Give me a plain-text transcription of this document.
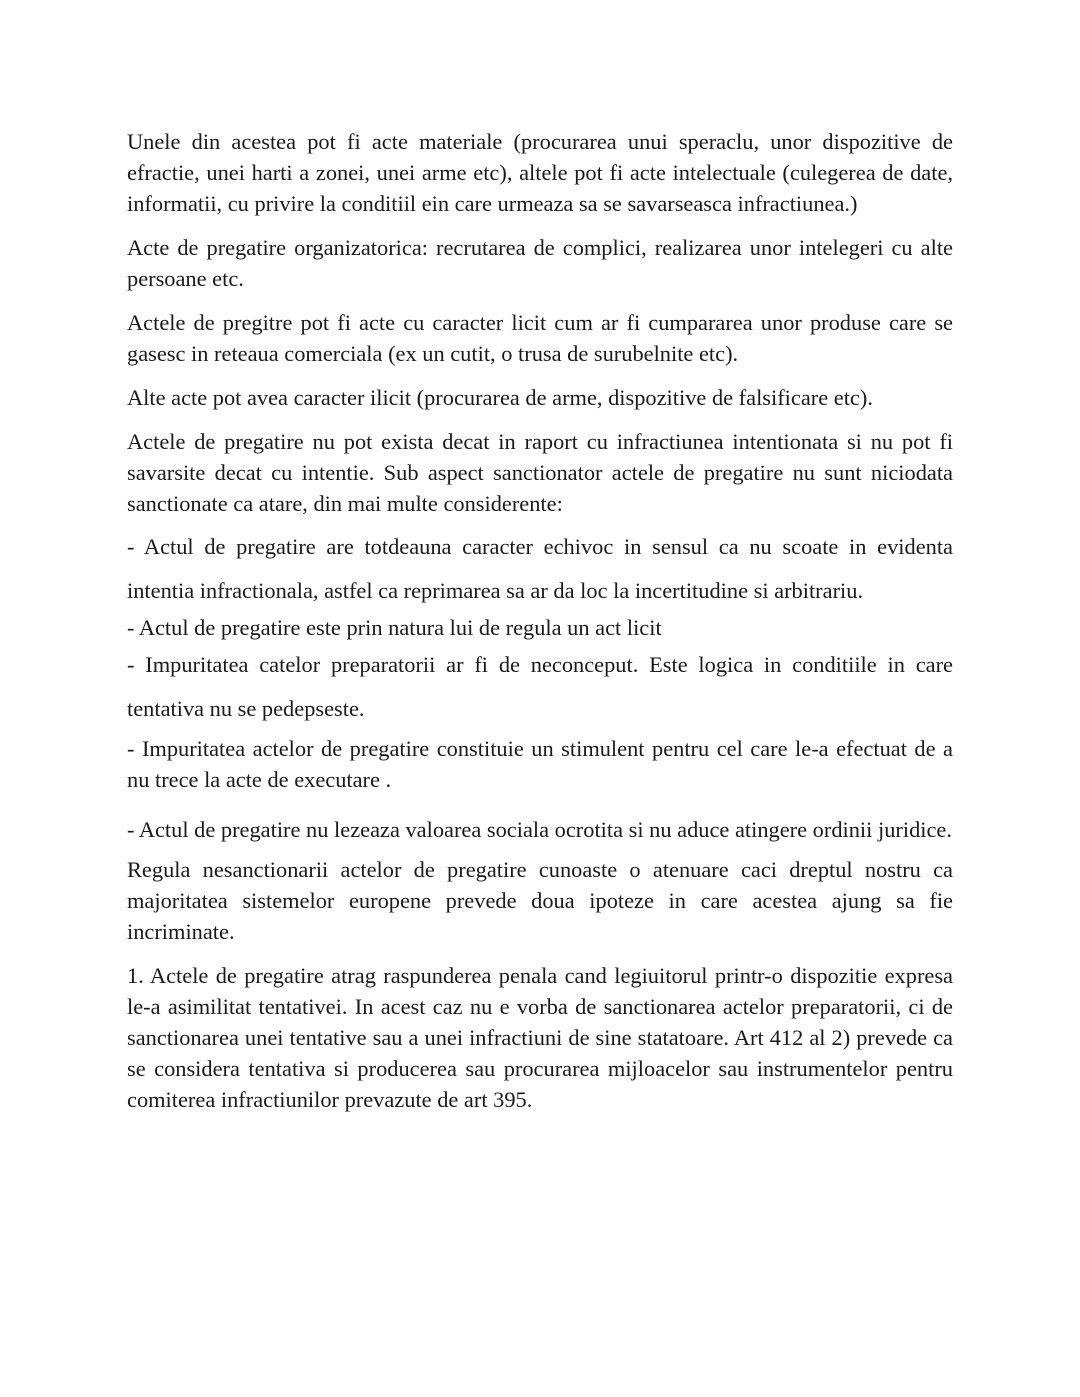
Unele din acestea pot fi acte materiale (procurarea unui speraclu, unor dispozitive de efractie, unei harti a zonei, unei arme etc), altele pot fi acte intelectuale (culegerea de date, informatii, cu privire la conditiil ein care urmeaza sa se savarseasca infractiunea.)

Acte de pregatire organizatorica: recrutarea de complici, realizarea unor intelegeri cu alte persoane etc.

Actele de pregitre pot fi acte cu caracter licit cum ar fi cumpararea unor produse care se gasesc in reteaua comerciala (ex un cutit, o trusa de surubelnite etc).

Alte acte pot avea caracter ilicit (procurarea de arme, dispozitive de falsificare etc).

Actele de pregatire nu pot exista decat in raport cu infractiunea intentionata si nu pot fi savarsite decat cu intentie. Sub aspect sanctionator actele de pregatire nu sunt niciodata sanctionate ca atare, din mai multe considerente:

- Actul de pregatire are totdeauna caracter echivoc in sensul ca nu scoate in evidenta intentia infractionala, astfel ca reprimarea sa ar da loc la incertitudine si arbitrariu.

- Actul de pregatire este prin natura lui de regula un act licit

- Impuritatea catelor preparatorii ar fi de neconceput. Este logica in conditiile in care tentativa nu se pedepseste.

- Impuritatea actelor de pregatire constituie un stimulent pentru cel care le-a efectuat de a nu trece la acte de executare .

- Actul de pregatire nu lezeaza valoarea sociala ocrotita si nu aduce atingere ordinii juridice.

Regula nesanctionarii actelor de pregatire cunoaste o atenuare caci dreptul nostru ca majoritatea sistemelor europene prevede doua ipoteze in care acestea ajung sa fie incriminate.

1. Actele de pregatire atrag raspunderea penala cand legiuitorul printr-o dispozitie expresa le-a asimilitat tentativei. In acest caz nu e vorba de sanctionarea actelor preparatorii, ci de sanctionarea unei tentative sau a unei infractiuni de sine statatoare. Art 412 al 2) prevede ca se considera tentativa si producerea sau procurarea mijloacelor sau instrumentelor pentru comiterea infractiunilor prevazute de art 395.
